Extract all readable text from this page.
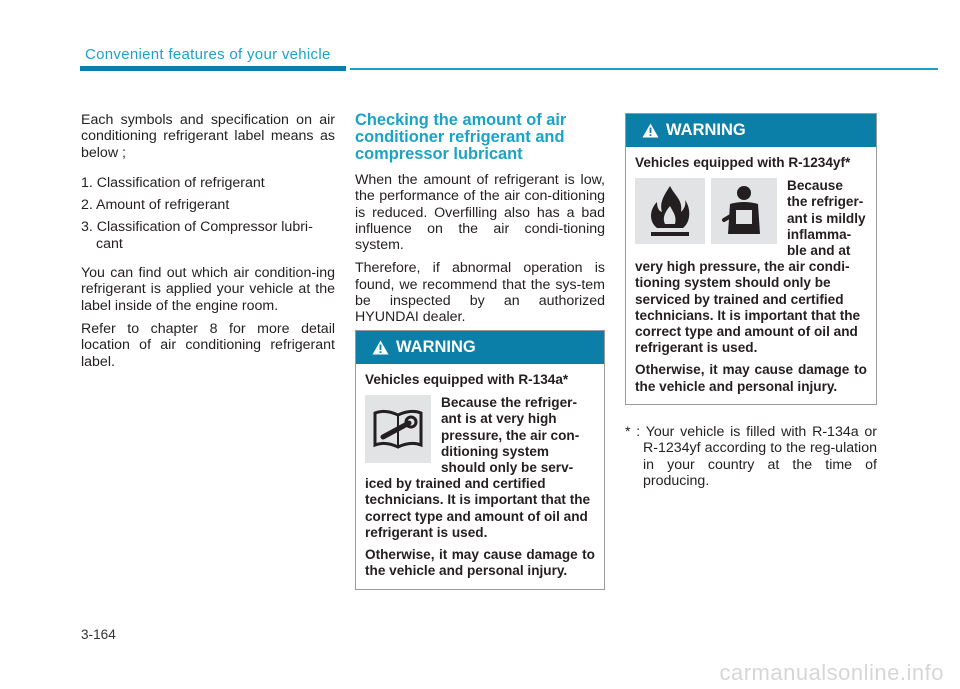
Convenient features of your vehicle

Each symbols and specification on air conditioning refrigerant label means as below ;

1. Classification of refrigerant
2. Amount of refrigerant
3. Classification of Compressor lubri-cant

You can find out which air condition-ing refrigerant is applied your vehicle at the label inside of the engine room.

Refer to chapter 8 for more detail location of air conditioning refrigerant label.

Checking the amount of air conditioner refrigerant and compressor lubricant

When the amount of refrigerant is low, the performance of the air con-ditioning is reduced. Overfilling also has a bad influence on the air condi-tioning system.

Therefore, if abnormal operation is found, we recommend that the sys-tem be inspected by an authorized HYUNDAI dealer.

WARNING
Vehicles equipped with R-134a*

Because the refriger-ant is at very high pressure, the air con-ditioning system should only be serv-iced by trained and certified technicians. It is important that the correct type and amount of oil and refrigerant is used.

Otherwise, it may cause damage to the vehicle and personal injury.

WARNING
Vehicles equipped with R-1234yf*

Because the refriger-ant is mildly inflamma-ble and at very high pressure, the air condi-tioning system should only be serviced by trained and certified technicians. It is important that the correct type and amount of oil and refrigerant is used.

Otherwise, it may cause damage to the vehicle and personal injury.

* : Your vehicle is filled with R-134a or R-1234yf according to the reg-ulation in your country at the time of producing.
3-164
carmanualsonline.info
